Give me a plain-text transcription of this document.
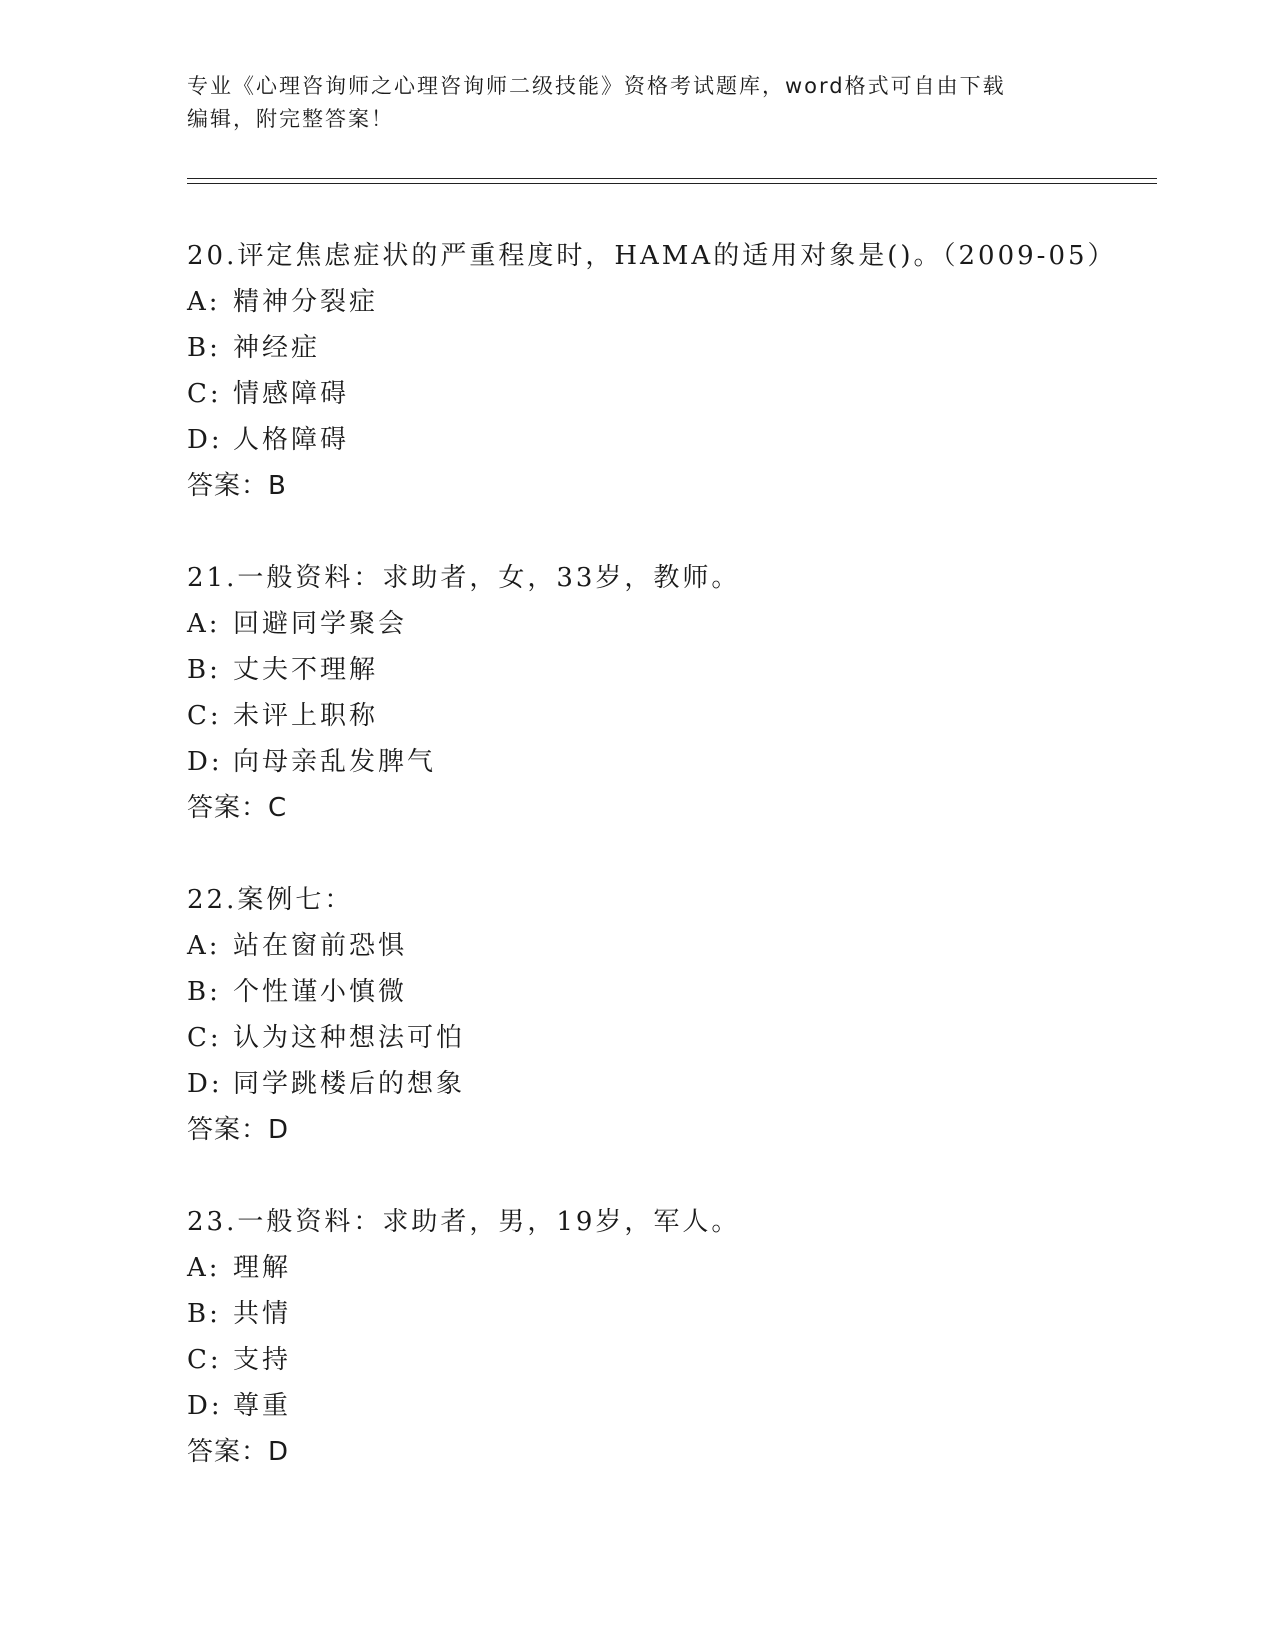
专业《心理咨询师之心理咨询师二级技能》资格考试题库，word格式可自由下载
编辑，附完整答案！
20.评定焦虑症状的严重程度时，HAMA的适用对象是()。（2009-05）
A: 精神分裂症
B: 神经症
C: 情感障碍
D: 人格障碍
答案：B
21.一般资料：求助者，女，33岁，教师。
A: 回避同学聚会
B: 丈夫不理解
C: 未评上职称
D: 向母亲乱发脾气
答案：C
22.案例七：
A: 站在窗前恐惧
B: 个性谨小慎微
C: 认为这种想法可怕
D: 同学跳楼后的想象
答案：D
23.一般资料：求助者，男，19岁，军人。
A: 理解
B: 共情
C: 支持
D: 尊重
答案：D
